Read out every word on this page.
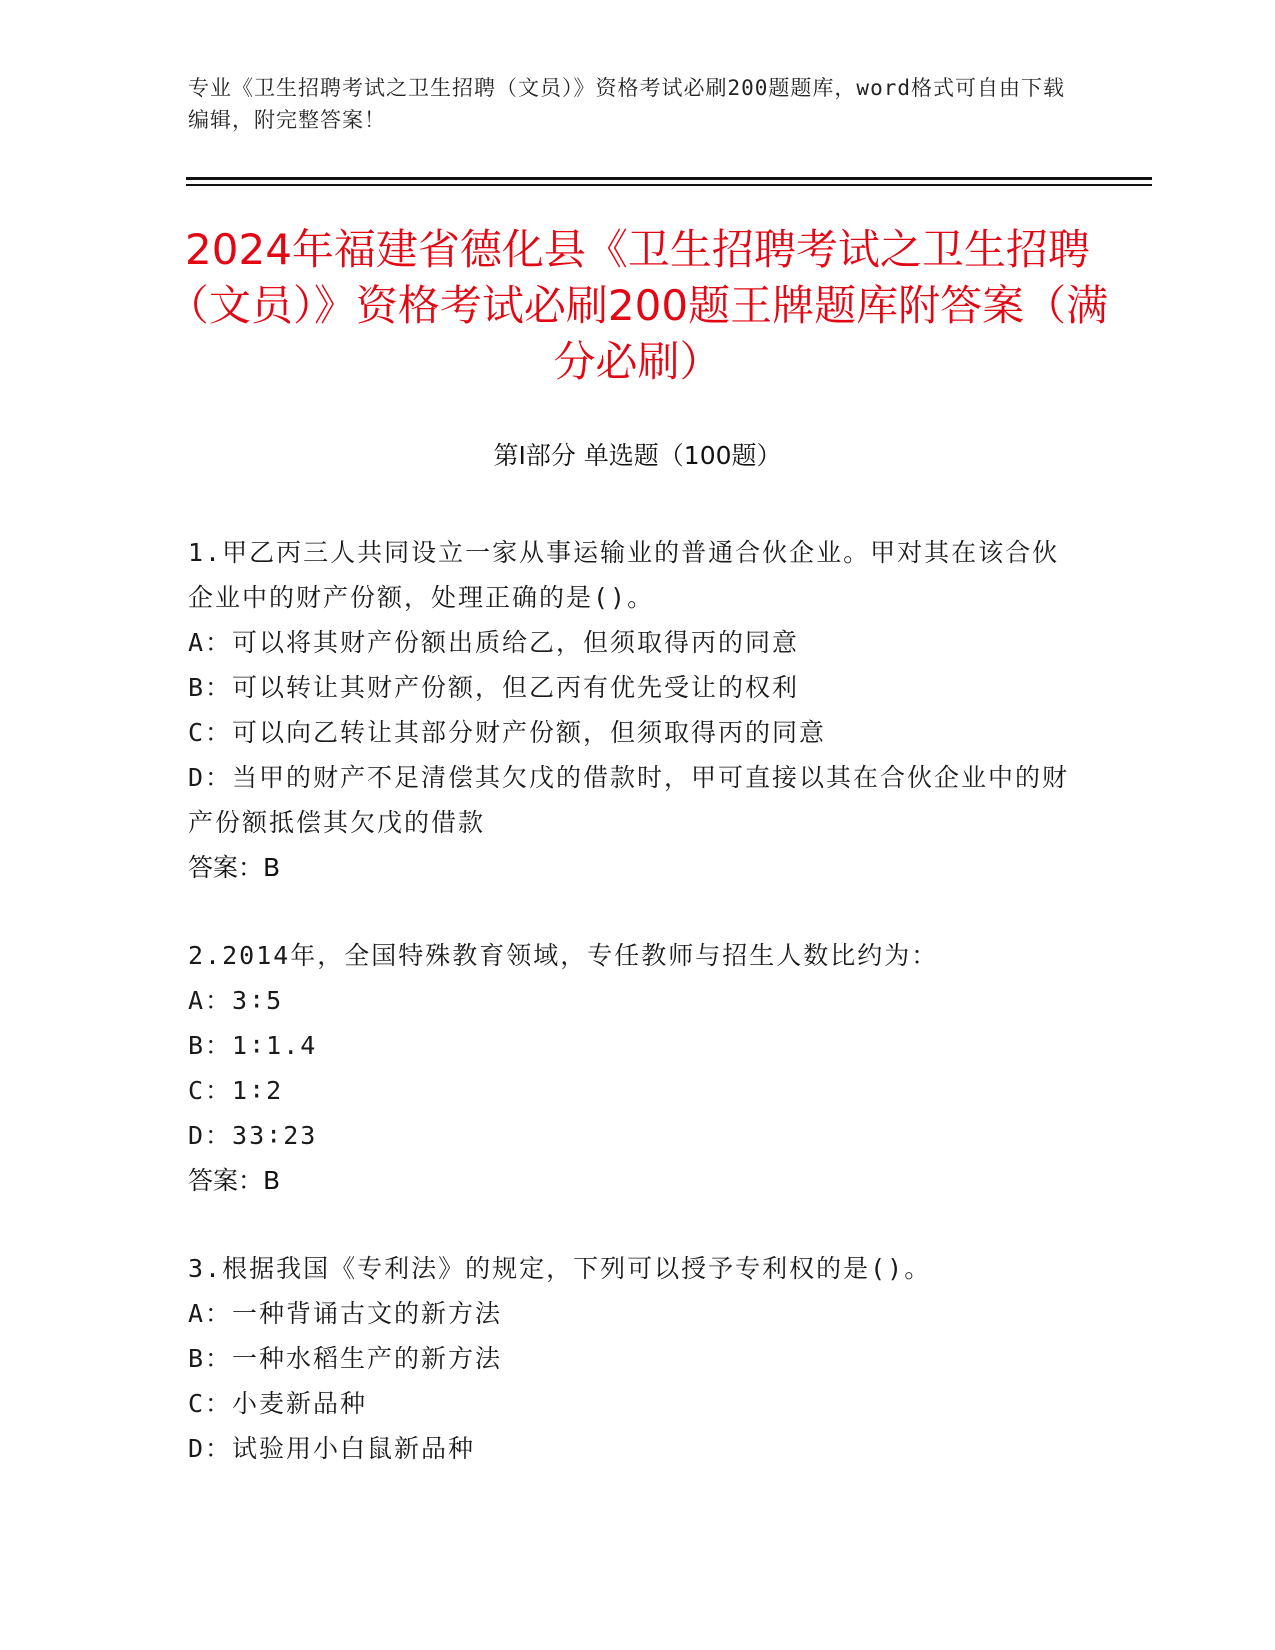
专业《卫生招聘考试之卫生招聘（文员）》资格考试必刷200题题库，word格式可自由下载编辑，附完整答案！
2024年福建省德化县《卫生招聘考试之卫生招聘（文员）》资格考试必刷200题王牌题库附答案（满分必刷）
第I部分 单选题（100题）
1.甲乙丙三人共同设立一家从事运输业的普通合伙企业。甲对其在该合伙企业中的财产份额，处理正确的是()。
A：可以将其财产份额出质给乙，但须取得丙的同意
B：可以转让其财产份额，但乙丙有优先受让的权利
C：可以向乙转让其部分财产份额，但须取得丙的同意
D：当甲的财产不足清偿其欠戊的借款时，甲可直接以其在合伙企业中的财产份额抵偿其欠戊的借款
答案：B
2.2014年，全国特殊教育领域，专任教师与招生人数比约为：
A：3∶5
B：1∶1.4
C：1∶2
D：33∶23
答案：B
3.根据我国《专利法》的规定，下列可以授予专利权的是()。
A：一种背诵古文的新方法
B：一种水稻生产的新方法
C：小麦新品种
D：试验用小白鼠新品种
